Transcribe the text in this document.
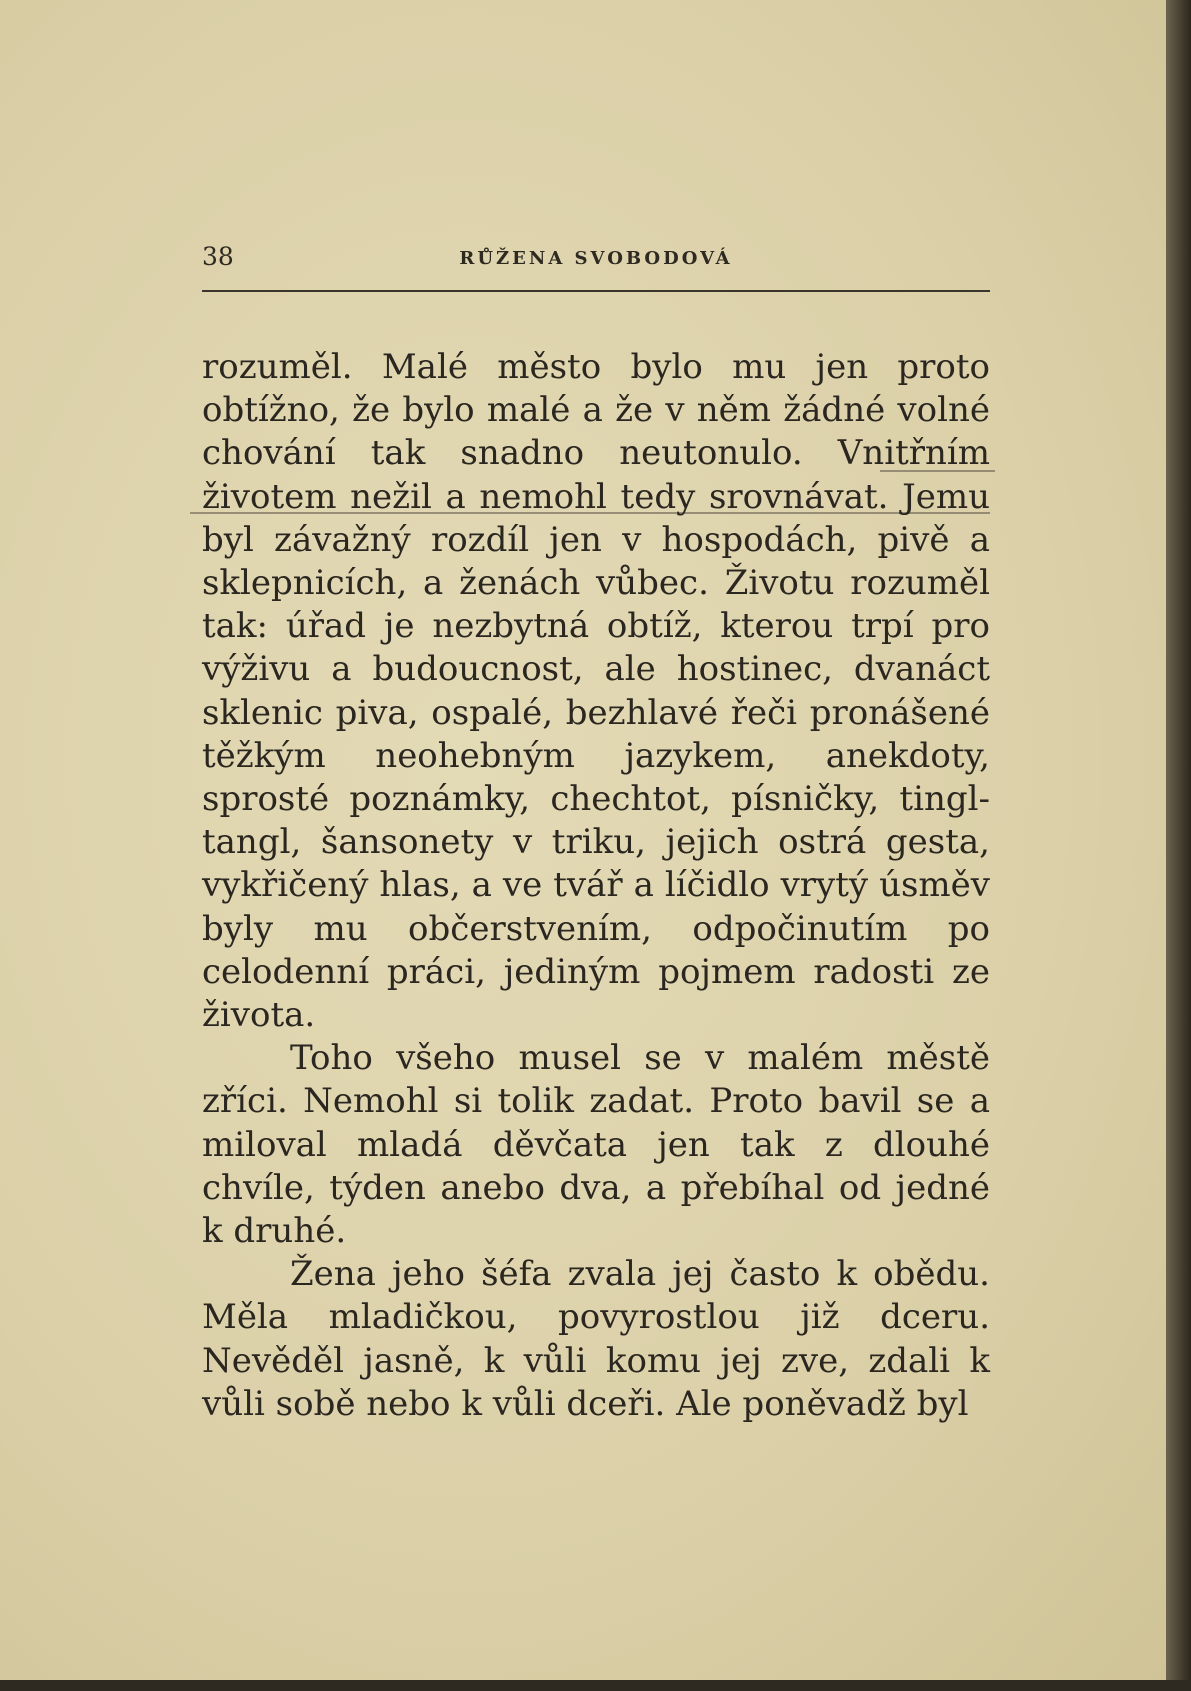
38	RŮŽENA SVOBODOVÁ

rozuměl. Malé město bylo mu jen proto obtížno, že bylo malé a že v něm žádné volné chování tak snadno neutonulo. Vnitřním životem nežil a nemohl tedy srovnávat. Jemu byl závažný rozdíl jen v hospodách, pivě a sklepnicích, a ženách vůbec. Životu rozuměl tak: úřad je nezbytná obtíž, kterou trpí pro výživu a budoucnost, ale hostinec, dvanáct sklenic piva, ospalé, bezhlavé řeči pronášené těžkým neohebným jazykem, anekdoty, sprosté poznámky, chechtot, písničky, tingl-tangl, šansonety v triku, jejich ostrá gesta, vykřičený hlas, a ve tvář a líčidlo vrytý úsměv byly mu občerstvením, odpočinutím po celodenní práci, jediným pojmem radosti ze života.

Toho všeho musel se v malém městě zříci. Nemohl si tolik zadat. Proto bavil se a miloval mladá děvčata jen tak z dlouhé chvíle, týden anebo dva, a přebíhal od jedné k druhé.

Žena jeho šéfa zvala jej často k obědu. Měla mladičkou, povyrostlou již dceru. Nevěděl jasně, k vůli komu jej zve, zdali k vůli sobě nebo k vůli dceři. Ale poněvadž byl
